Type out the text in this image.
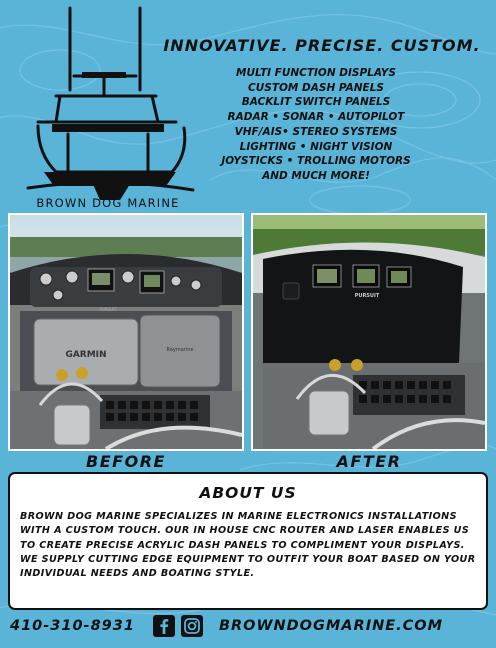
BROWN DOG MARINE
INNOVATIVE. PRECISE. CUSTOM.
MULTI FUNCTION DISPLAYS
CUSTOM DASH PANELS
BACKLIT SWITCH PANELS
RADAR • SONAR • AUTOPILOT
VHF/AIS• STEREO SYSTEMS
LIGHTING • NIGHT VISION
JOYSTICKS • TROLLING MOTORS
AND MUCH MORE!
GARMIN	Raymarine
PURSUIT
BEFORE
PURSUIT
AFTER
ABOUT US

BROWN DOG MARINE SPECIALIZES IN MARINE ELECTRONICS INSTALLATIONS WITH A CUSTOM TOUCH. OUR IN HOUSE CNC ROUTER AND LASER ENABLES US TO CREATE PRECISE ACRYLIC DASH PANELS TO COMPLIMENT YOUR DISPLAYS. WE SUPPLY CUTTING EDGE EQUIPMENT TO OUTFIT YOUR BOAT BASED ON YOUR INDIVIDUAL NEEDS AND BOATING STYLE.

410-310-8931	BROWNDOGMARINE.COM
